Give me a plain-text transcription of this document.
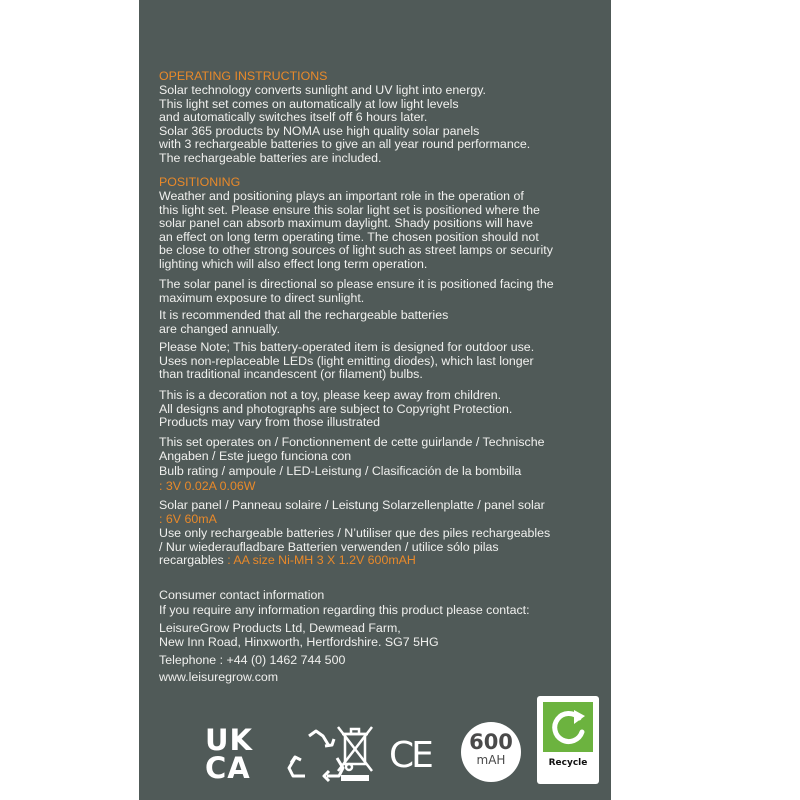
OPERATING INSTRUCTIONS

Solar technology converts sunlight and UV light into energy.
This light set comes on automatically at low light levels
and automatically switches itself off 6 hours later.
Solar 365 products by NOMA use high quality solar panels
with 3 rechargeable batteries to give an all year round performance.
The rechargeable batteries are included.

POSITIONING

Weather and positioning plays an important role in the operation of
this light set. Please ensure this solar light set is positioned where the
solar panel can absorb maximum daylight. Shady positions will have
an effect on long term operating time. The chosen position should not
be close to other strong sources of light such as street lamps or security
lighting which will also effect long term operation.

The solar panel is directional so please ensure it is positioned facing the
maximum exposure to direct sunlight.

It is recommended that all the rechargeable batteries
are changed annually.

Please Note; This battery-operated item is designed for outdoor use.
Uses non-replaceable LEDs (light emitting diodes), which last longer
than traditional incandescent (or filament) bulbs.

This is a decoration not a toy, please keep away from children.
All designs and photographs are subject to Copyright Protection.
Products may vary from those illustrated

This set operates on / Fonctionnement de cette guirlande / Technische
Angaben / Este juego funciona con

Bulb rating / ampoule / LED-Leistung / Clasificación de la bombilla

: 3V 0.02A 0.06W

Solar panel / Panneau solaire / Leistung Solarzellenplatte / panel solar

: 6V 60mA

Use only rechargeable batteries / N’utiliser que des piles rechargeables
/ Nur wiederaufladbare Batterien verwenden / utilice sólo pilas
recargables : AA size Ni-MH 3 X 1.2V 600mAH

Consumer contact information

If you require any information regarding this product please contact:

LeisureGrow Products Ltd, Dewmead Farm,
New Inn Road, Hinxworth, Hertfordshire. SG7 5HG

Telephone : +44 (0) 1462 744 500

www.leisuregrow.com

UK
CA	CE	600
mAH	Recycle
